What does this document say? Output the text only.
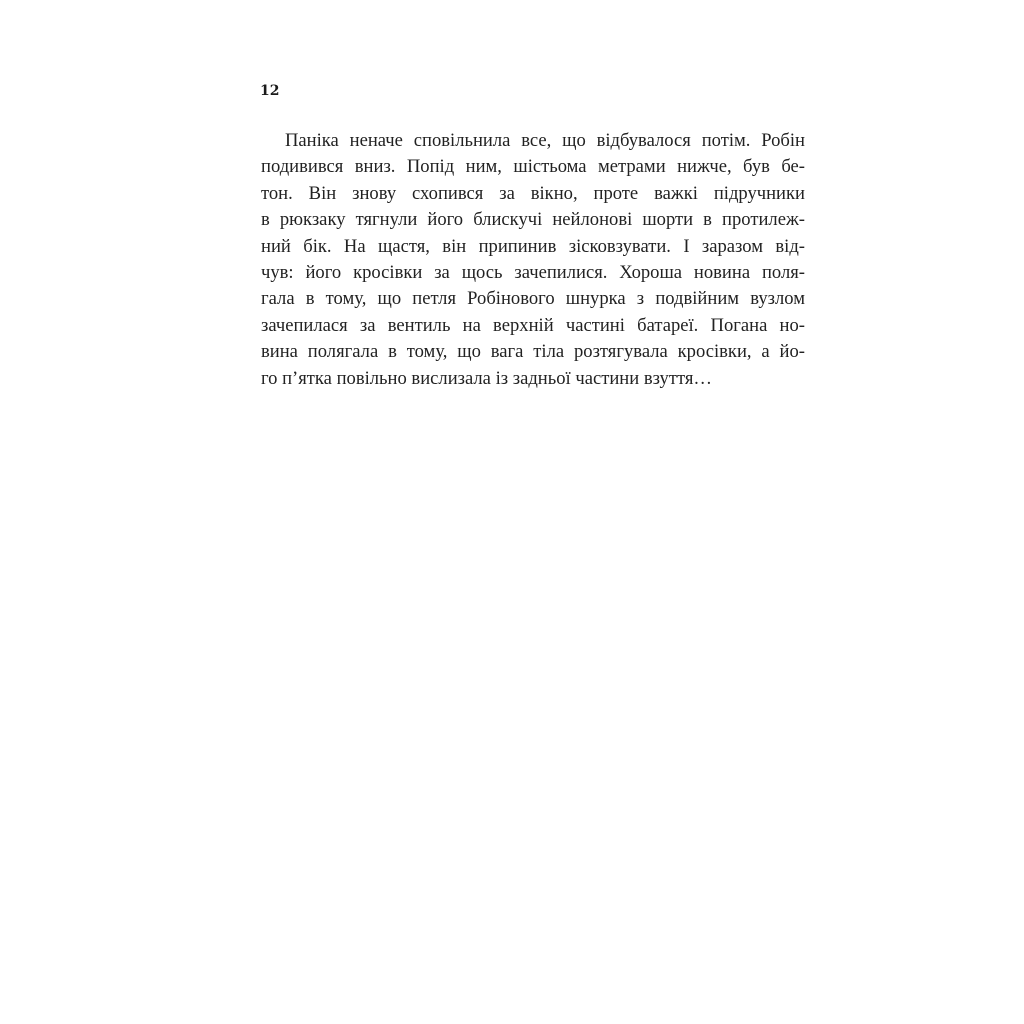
12
Паніка неначе сповільнила все, що відбувалося потім. Робін
подивився вниз. Попід ним, шістьома метрами нижче, був бе-
тон. Він знову схопився за вікно, проте важкі підручники
в рюкзаку тягнули його блискучі нейлонові шорти в протилеж-
ний бік. На щастя, він припинив зісковзувати. І заразом від-
чув: його кросівки за щось зачепилися. Хороша новина поля-
гала в тому, що петля Робінового шнурка з подвійним вузлом
зачепилася за вентиль на верхній частині батареї. Погана но-
вина полягала в тому, що вага тіла розтягувала кросівки, а йо-
го п’ятка повільно вислизала із задньої частини взуття…
